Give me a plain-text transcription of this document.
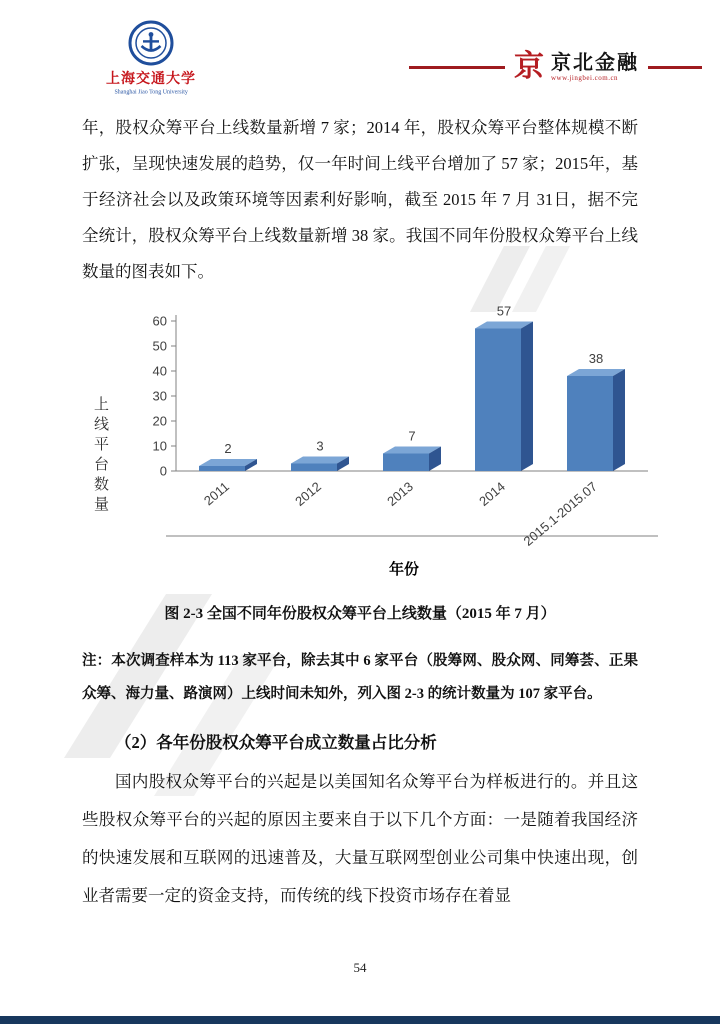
上海交通大学
Shanghai Jiao Tong University
京 京北金融
www.jingbei.com.cn

年，股权众筹平台上线数量新增 7 家；2014 年，股权众筹平台整体规模不断扩张，呈现快速发展的趋势，仅一年时间上线平台增加了 57 家；2015年，基于经济社会以及政策环境等因素利好影响，截至 2015 年 7 月 31日，据不完全统计，股权众筹平台上线数量新增 38 家。我国不同年份股权众筹平台上线数量的图表如下。

上线平台数量	0
10
20
30
40
50
60
2
2011
3
2012
7
2013
57
2014
38
2015.1-2015.07
年份
图 2-3 全国不同年份股权众筹平台上线数量（2015 年 7 月）

注：本次调查样本为 113 家平台，除去其中 6 家平台（股筹网、股众网、同筹荟、正果众筹、海力量、路演网）上线时间未知外，列入图 2-3 的统计数量为 107 家平台。

（2）各年份股权众筹平台成立数量占比分析

国内股权众筹平台的兴起是以美国知名众筹平台为样板进行的。并且这些股权众筹平台的兴起的原因主要来自于以下几个方面：一是随着我国经济的快速发展和互联网的迅速普及，大量互联网型创业公司集中快速出现，创业者需要一定的资金支持，而传统的线下投资市场存在着显

54
